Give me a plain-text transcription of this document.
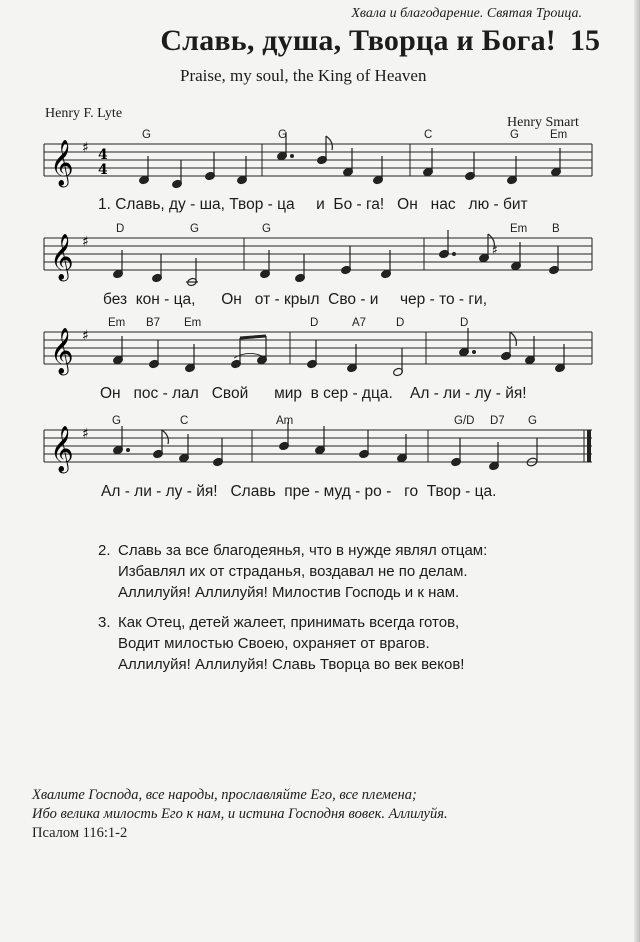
Хвала и благодарение. Святая Троица.
Славь, душа, Творца и Бога! 15
Praise, my soul, the King of Heaven
Henry F. Lyte
Henry Smart
𝄞 ♯ 4
4
G	G	C	G	Em
1. Славь, ду - ша, Твор - ца     и  Бо - га!   Он   нас   лю - бит
𝄞 ♯	♯
D	G	G	Em B
без  кон - ца,      Он   от - крыл  Сво - и     чер - то - ги,
𝄞 ♯
Em B7 Em	D	A7	D	D
Он   пос - лал   Свой      мир  в сер - дца.    Ал - ли - лу - йя!
𝄞 ♯
G	C	Am	G/D D7 G
Ал - ли - лу - йя!   Славь  пре - муд - ро -   го  Твор - ца.
2. Славь за все благодеянья, что в нужде являл отцам:
Избавлял их от страданья, воздавал не по делам.
Аллилуйя! Аллилуйя! Милостив Господь и к нам.
3. Как Отец, детей жалеет, принимать всегда готов,
Водит милостью Своею, охраняет от врагов.
Аллилуйя! Аллилуйя! Славь Творца во век веков!
Хвалите Господа, все народы, прославляйте Его, все племена;
Ибо велика милость Его к нам, и истина Господня вовек. Аллилуйя.
Псалом 116:1-2
